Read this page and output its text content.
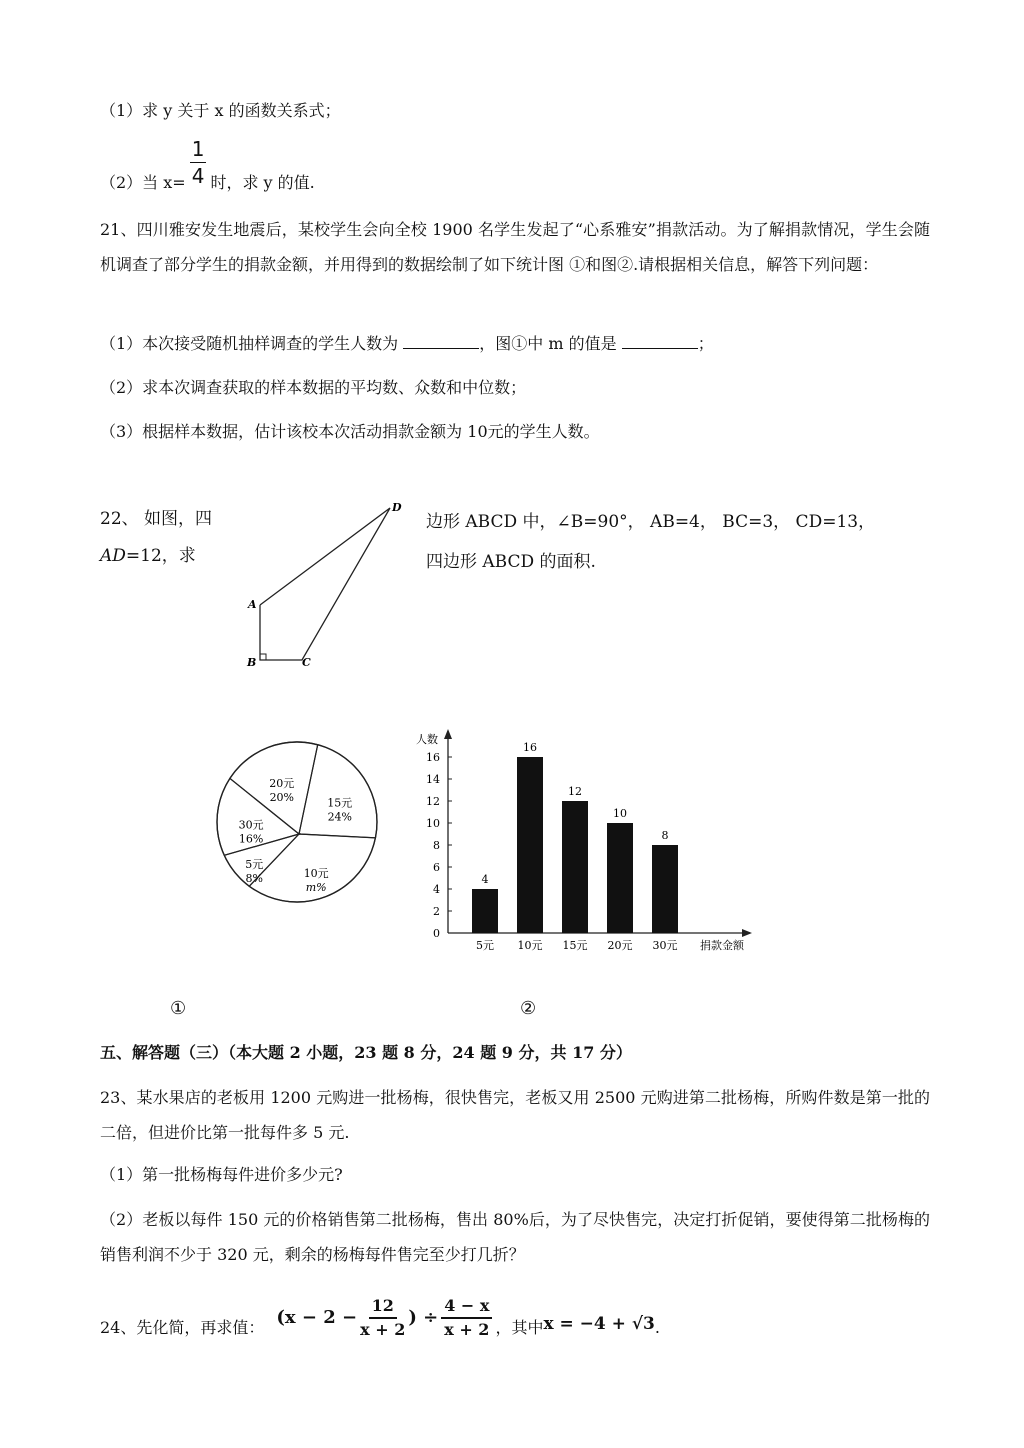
（1）求 y 关于 x 的函数关系式；
（2）当 $x= \frac{1}{4}$ 时，求 y 的值.
21、四川雅安发生地震后，某校学生会向全校 1900 名学生发起了“心系雅安”捐款活动。为了解捐款情况，学生会随机调查了部分学生的捐款金额，并用得到的数据绘制了如下统计图 ①和图②.请根据相关信息，解答下列问题：
（1）本次接受随机抽样调查的学生人数为	，图①中 m 的值是	；
（2）求本次调查获取的样本数据的平均数、众数和中位数；
（3）根据样本数据，估计该校本次活动捐款金额为 10元的学生人数。
22、 如图，四
AD=12，求
边形 ABCD 中，∠B=90°， AB=4， BC=3， CD=13，
四边形 ABCD 的面积.
A
B	C
D
15元
24%
10元
m%
5元
8%
30元
16%
20元
20%
人数
0
2
4
6
8
10
12
14
16
4
5元
16
10元
12
15元
10
20元
8
30元 捐款金额
①	②
五、解答题（三）（本大题 2 小题，23 题 8 分，24 题 9 分，共 17 分）
23、某水果店的老板用 1200 元购进一批杨梅，很快售完，老板又用 2500 元购进第二批杨梅，所购件数是第一批的二倍，但进价比第一批每件多 5 元.
（1）第一批杨梅每件进价多少元?
（2）老板以每件 150 元的价格销售第二批杨梅，售出 80%后，为了尽快售完，决定打折促销，要使得第二批杨梅的销售利润不少于 320 元，剩余的杨梅每件售完至少打几折？
24、先化简，再求值： ($x - 2 - \frac{12}{x + 2}$ ) ÷ $\frac{4 - x}{x + 2}$ ，其中 x = −4 + √3 .
